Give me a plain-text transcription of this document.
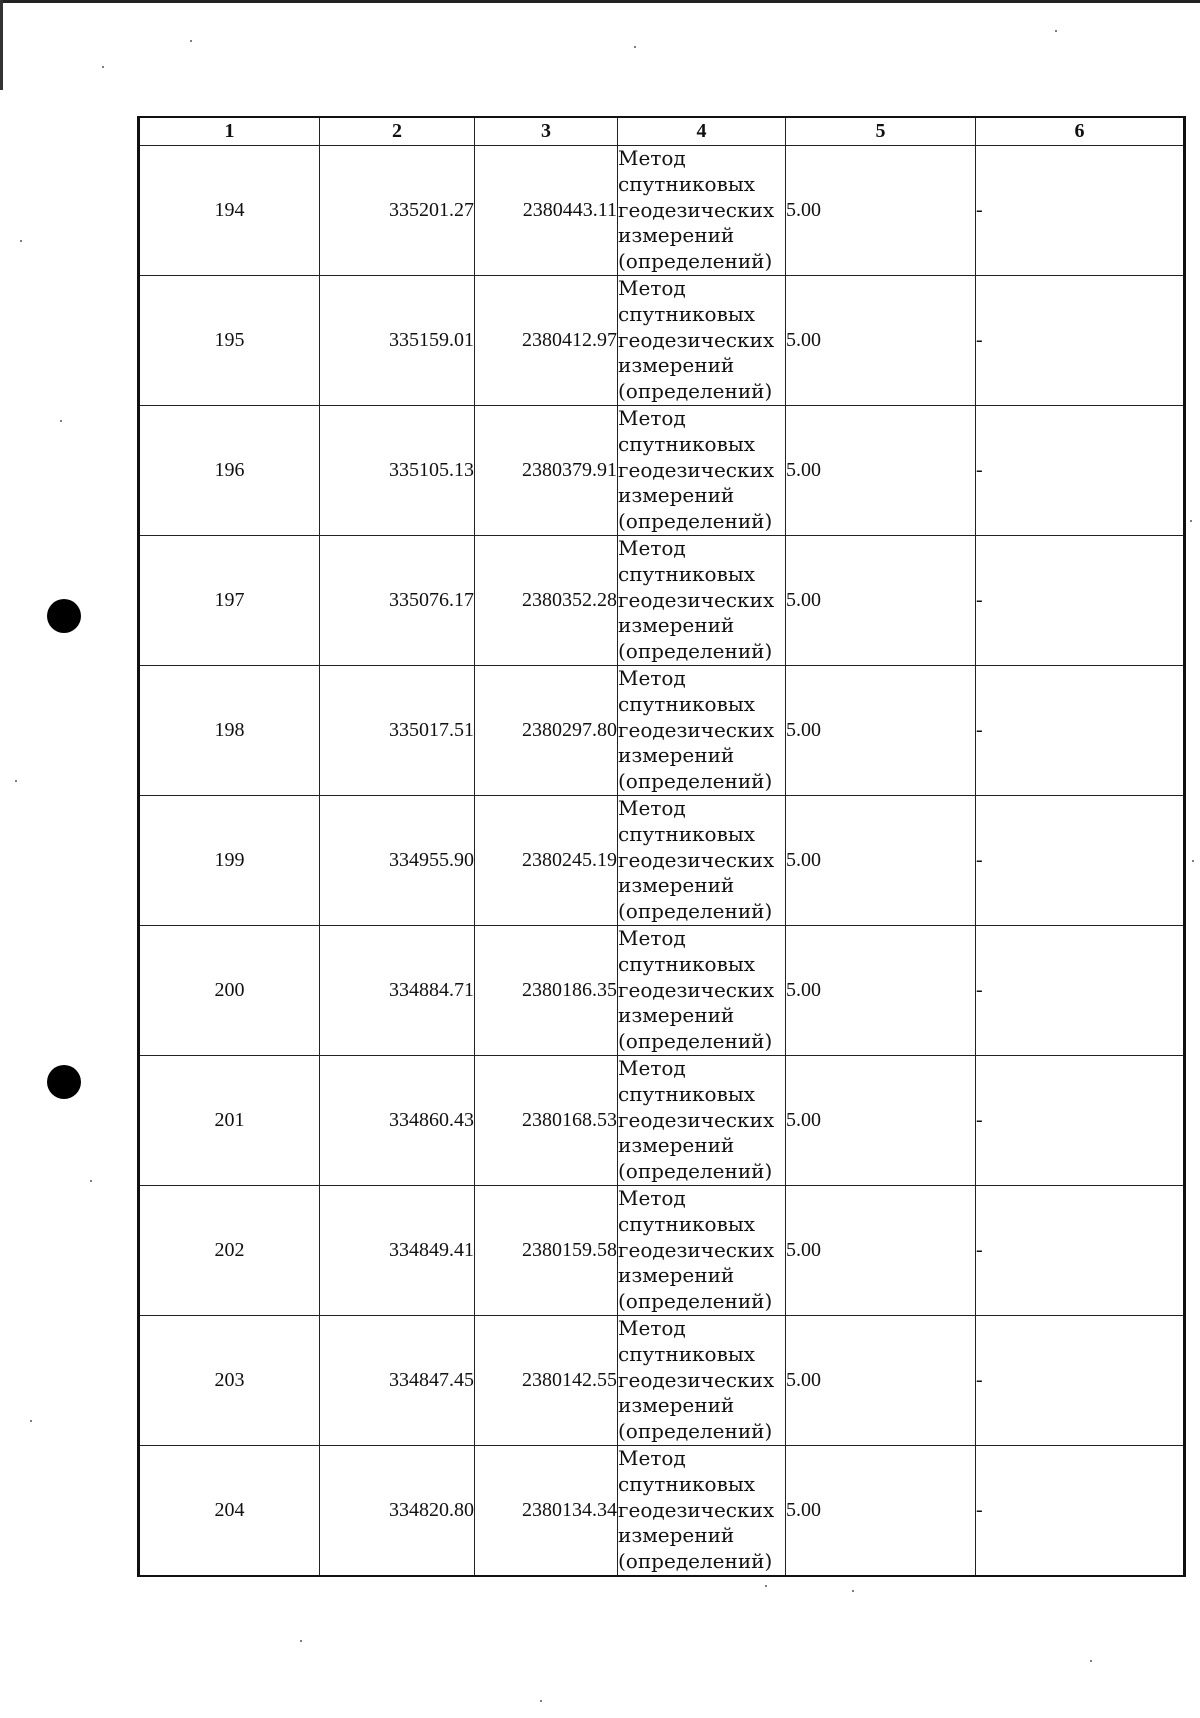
1	2	3	4	5	6
194	335201.27	2380443.11	Метод
спутниковых
геодезических
измерений
(определений)	5.00	-
195	335159.01	2380412.97	Метод
спутниковых
геодезических
измерений
(определений)	5.00	-
196	335105.13	2380379.91	Метод
спутниковых
геодезических
измерений
(определений)	5.00	-
197	335076.17	2380352.28	Метод
спутниковых
геодезических
измерений
(определений)	5.00	-
198	335017.51	2380297.80	Метод
спутниковых
геодезических
измерений
(определений)	5.00	-
199	334955.90	2380245.19	Метод
спутниковых
геодезических
измерений
(определений)	5.00	-
200	334884.71	2380186.35	Метод
спутниковых
геодезических
измерений
(определений)	5.00	-
201	334860.43	2380168.53	Метод
спутниковых
геодезических
измерений
(определений)	5.00	-
202	334849.41	2380159.58	Метод
спутниковых
геодезических
измерений
(определений)	5.00	-
203	334847.45	2380142.55	Метод
спутниковых
геодезических
измерений
(определений)	5.00	-
204	334820.80	2380134.34	Метод
спутниковых
геодезических
измерений
(определений)	5.00	-
